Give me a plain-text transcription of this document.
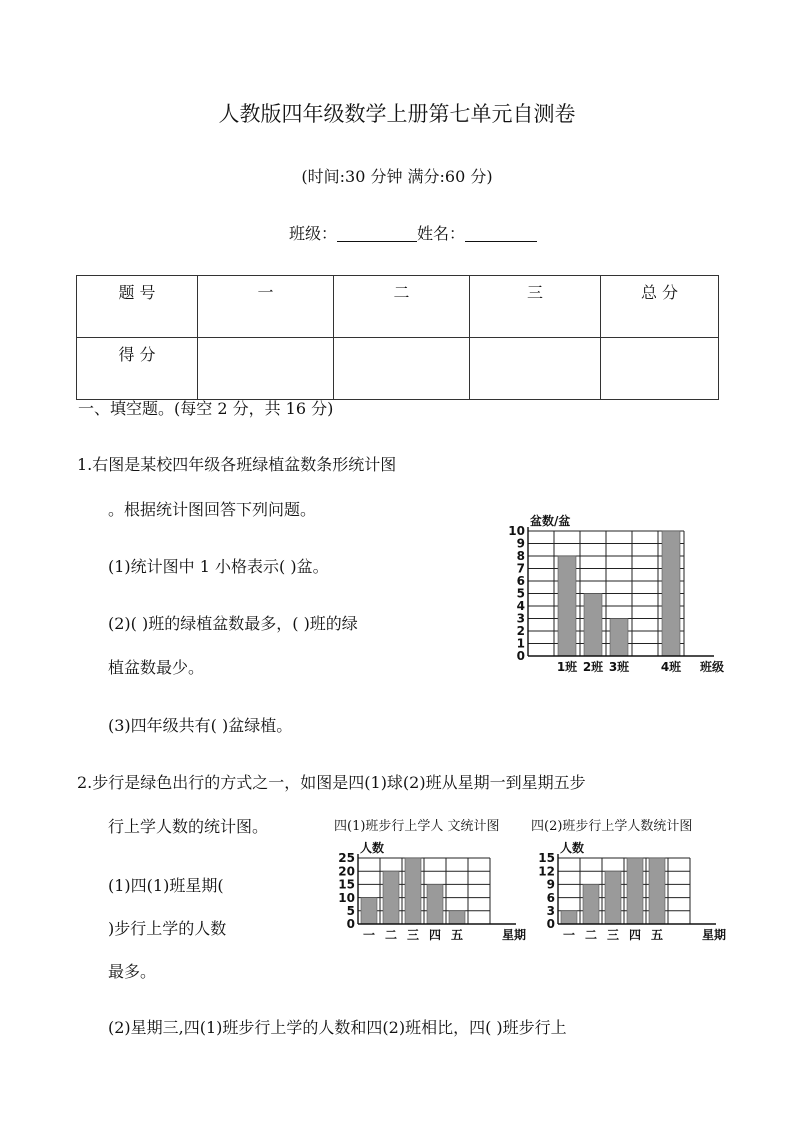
人教版四年级数学上册第七单元自测卷
(时间:30 分钟 满分:60 分)
班级：	姓名：
题 号	一	二	三	总 分
得 分				
一、填空题。(每空 2 分，共 16 分)
1.右图是某校四年级各班绿植盆数条形统计图
。根据统计图回答下列问题。
(1)统计图中 1 小格表示( )盆。
(2)( )班的绿植盆数最多，( )班的绿
植盆数最少。
(3)四年级共有( )盆绿植。
2.步行是绿色出行的方式之一，如图是四(1)球(2)班从星期一到星期五步
行上学人数的统计图。
(1)四(1)班星期(
)步行上学的人数
最多。
(2)星期三,四(1)班步行上学的人数和四(2)班相比，四( )班步行上
0
1
2
3
4
5
6
7
8
9
10
1班 2班 3班	4班 班级
盆数/盆
四(1)班步行上学人 文统计图
0
5
10
15
20
25
一 二 三 四 五	星期
人数
四(2)班步行上学人数统计图
0
3
6
9
12
15
一 二 三 四 五	星期
人数
